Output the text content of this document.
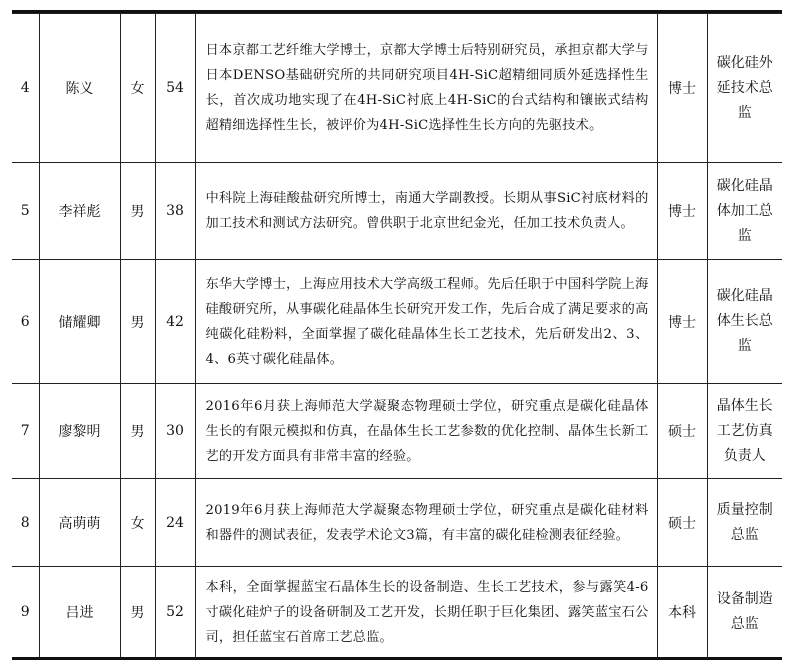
4	陈义	女	54	日本京都工艺纤维大学博士，京都大学博士后特别研究员，承担京都大学与日本DENSO基础研究所的共同研究项目4H-SiC超精细同质外延选择性生长，首次成功地实现了在4H-SiC衬底上4H-SiC的台式结构和镶嵌式结构超精细选择性生长，被评价为4H-SiC选择性生长方向的先驱技术。	博士	碳化硅外延技术总监
5	李祥彪	男	38	中科院上海硅酸盐研究所博士，南通大学副教授。长期从事SiC衬底材料的加工技术和测试方法研究。曾供职于北京世纪金光，任加工技术负责人。	博士	碳化硅晶体加工总监
6	储耀卿	男	42	东华大学博士，上海应用技术大学高级工程师。先后任职于中国科学院上海硅酸研究所，从事碳化硅晶体生长研究开发工作，先后合成了满足要求的高纯碳化硅粉料，全面掌握了碳化硅晶体生长工艺技术，先后研发出2、3、4、6英寸碳化硅晶体。	博士	碳化硅晶体生长总监
7	廖黎明	男	30	2016年6月获上海师范大学凝聚态物理硕士学位，研究重点是碳化硅晶体生长的有限元模拟和仿真，在晶体生长工艺参数的优化控制、晶体生长新工艺的开发方面具有非常丰富的经验。	硕士	晶体生长工艺仿真负责人
8	高萌萌	女	24	2019年6月获上海师范大学凝聚态物理硕士学位，研究重点是碳化硅材料和器件的测试表征，发表学术论文3篇，有丰富的碳化硅检测表征经验。	硕士	质量控制总监
9	吕进	男	52	本科，全面掌握蓝宝石晶体生长的设备制造、生长工艺技术，参与露笑4-6寸碳化硅炉子的设备研制及工艺开发，长期任职于巨化集团、露笑蓝宝石公司，担任蓝宝石首席工艺总监。	本科	设备制造总监
